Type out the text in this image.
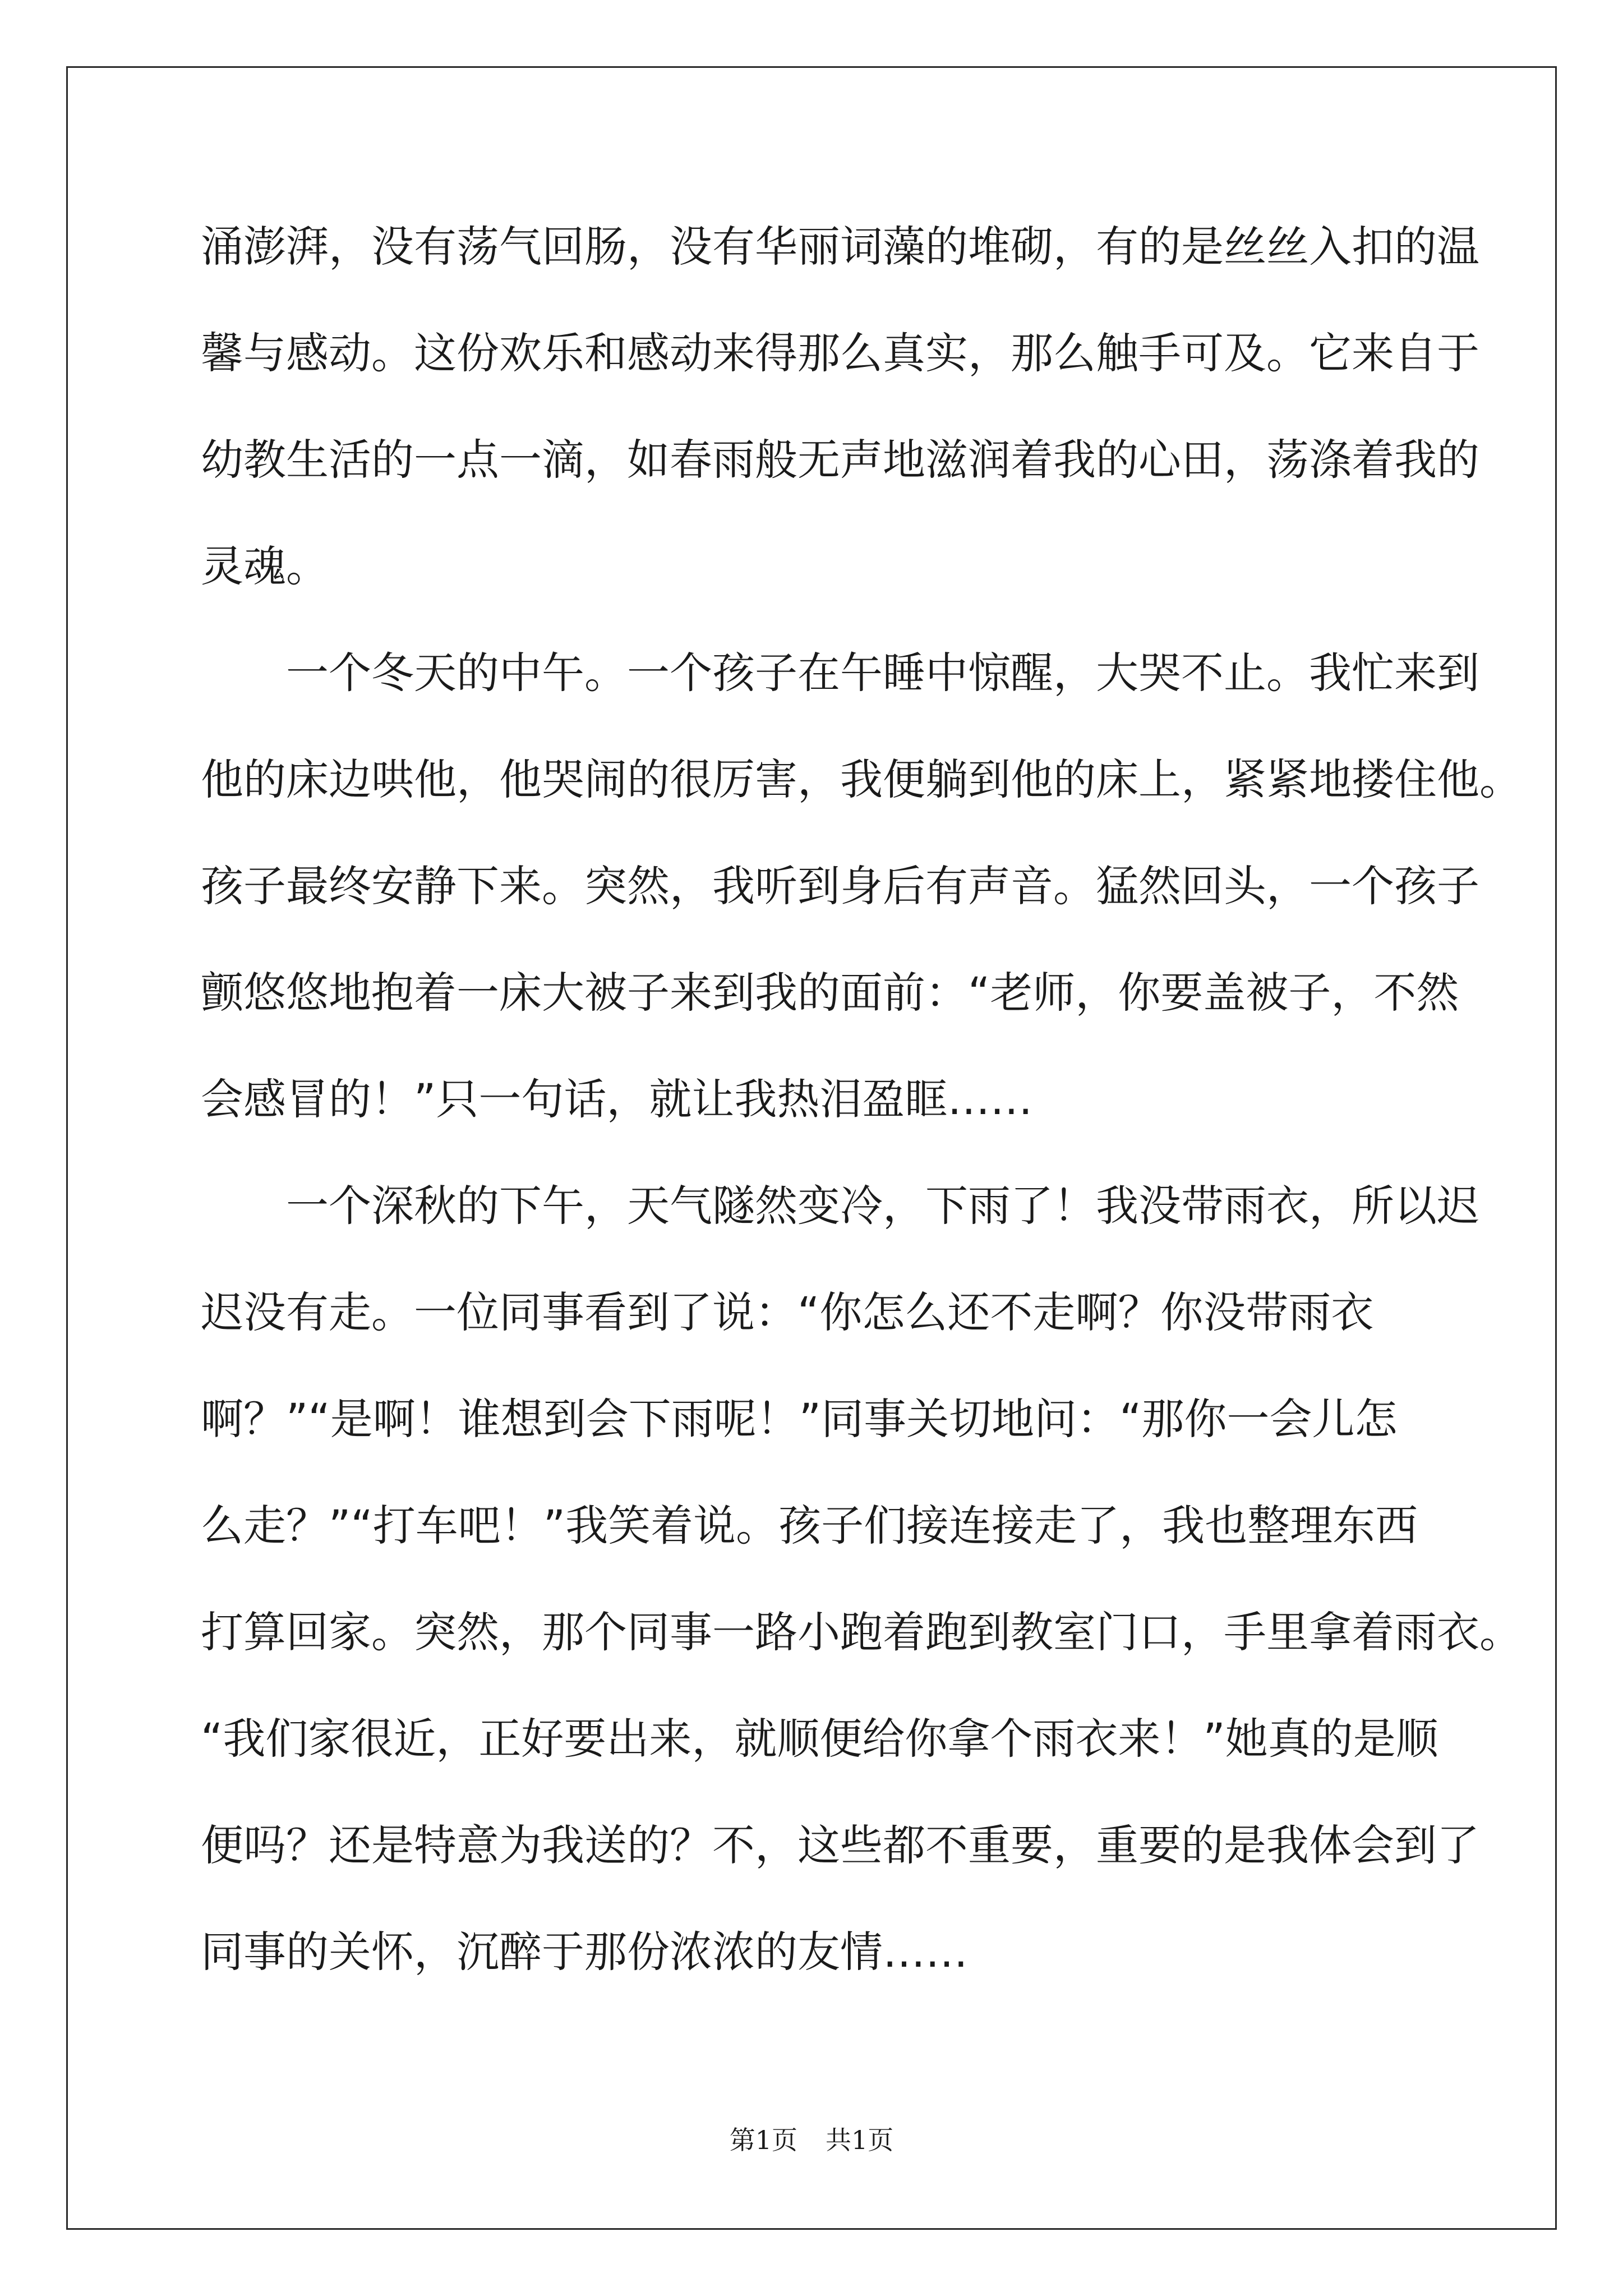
涌澎湃，没有荡气回肠，没有华丽词藻的堆砌，有的是丝丝入扣的温
馨与感动。这份欢乐和感动来得那么真实，那么触手可及。它来自于
幼教生活的一点一滴，如春雨般无声地滋润着我的心田，荡涤着我的
灵魂。
一个冬天的中午。一个孩子在午睡中惊醒，大哭不止。我忙来到
他的床边哄他，他哭闹的很厉害，我便躺到他的床上，紧紧地搂住他。
孩子最终安静下来。突然，我听到身后有声音。猛然回头，一个孩子
颤悠悠地抱着一床大被子来到我的面前：“老师，你要盖被子，不然
会感冒的！”只一句话，就让我热泪盈眶……
一个深秋的下午，天气隧然变冷，下雨了！我没带雨衣，所以迟
迟没有走。一位同事看到了说：“你怎么还不走啊？你没带雨衣
啊？”“是啊！谁想到会下雨呢！”同事关切地问：“那你一会儿怎
么走？”“打车吧！”我笑着说。孩子们接连接走了，我也整理东西
打算回家。突然，那个同事一路小跑着跑到教室门口，手里拿着雨衣。
“我们家很近，正好要出来，就顺便给你拿个雨衣来！”她真的是顺
便吗？还是特意为我送的？不，这些都不重要，重要的是我体会到了
同事的关怀，沉醉于那份浓浓的友情……
第1页 共1页
